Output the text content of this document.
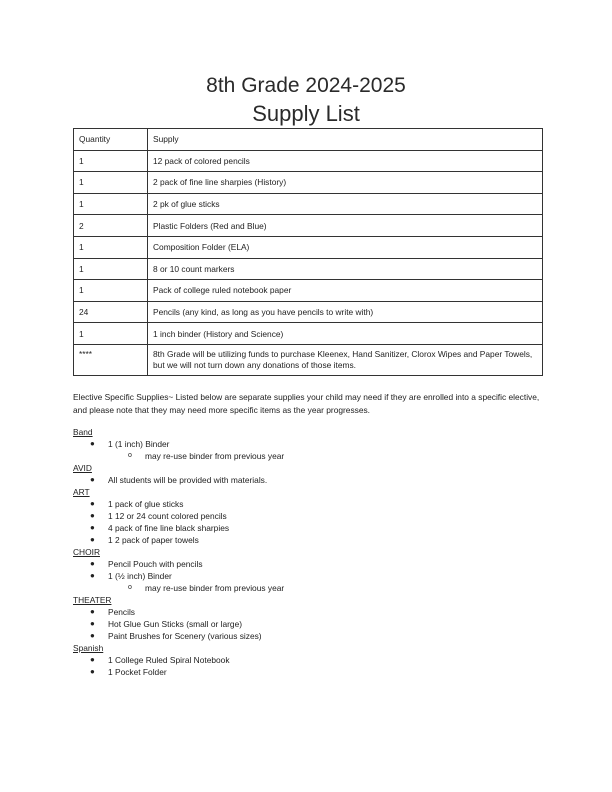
8th Grade 2024-2025
Supply List
Quantity	Supply
1	12 pack of colored pencils
1	2 pack of fine line sharpies (History)
1	2 pk of glue sticks
2	Plastic Folders (Red and Blue)
1	Composition Folder (ELA)
1	8 or 10 count markers
1	Pack of college ruled notebook paper
24	Pencils (any kind, as long as you have pencils to write with)
1	1 inch binder (History and Science)
****	8th Grade will be utilizing funds to purchase Kleenex, Hand Sanitizer, Clorox Wipes and Paper Towels, but we will not turn down any donations of those items.
Elective Specific Supplies~ Listed below are separate supplies your child may need if they are enrolled into a specific elective, and please note that they may need more specific items as the year progresses.
Band
● 1 (1 inch) Binder
o may re-use binder from previous year
AVID
● All students will be provided with materials.
ART
● 1 pack of glue sticks
● 1 12 or 24 count colored pencils
● 4 pack of fine line black sharpies
● 1 2 pack of paper towels
CHOIR
● Pencil Pouch with pencils
● 1 (½ inch) Binder
o may re-use binder from previous year
THEATER
● Pencils
● Hot Glue Gun Sticks (small or large)
● Paint Brushes for Scenery (various sizes)
Spanish
● 1 College Ruled Spiral Notebook
● 1 Pocket Folder
